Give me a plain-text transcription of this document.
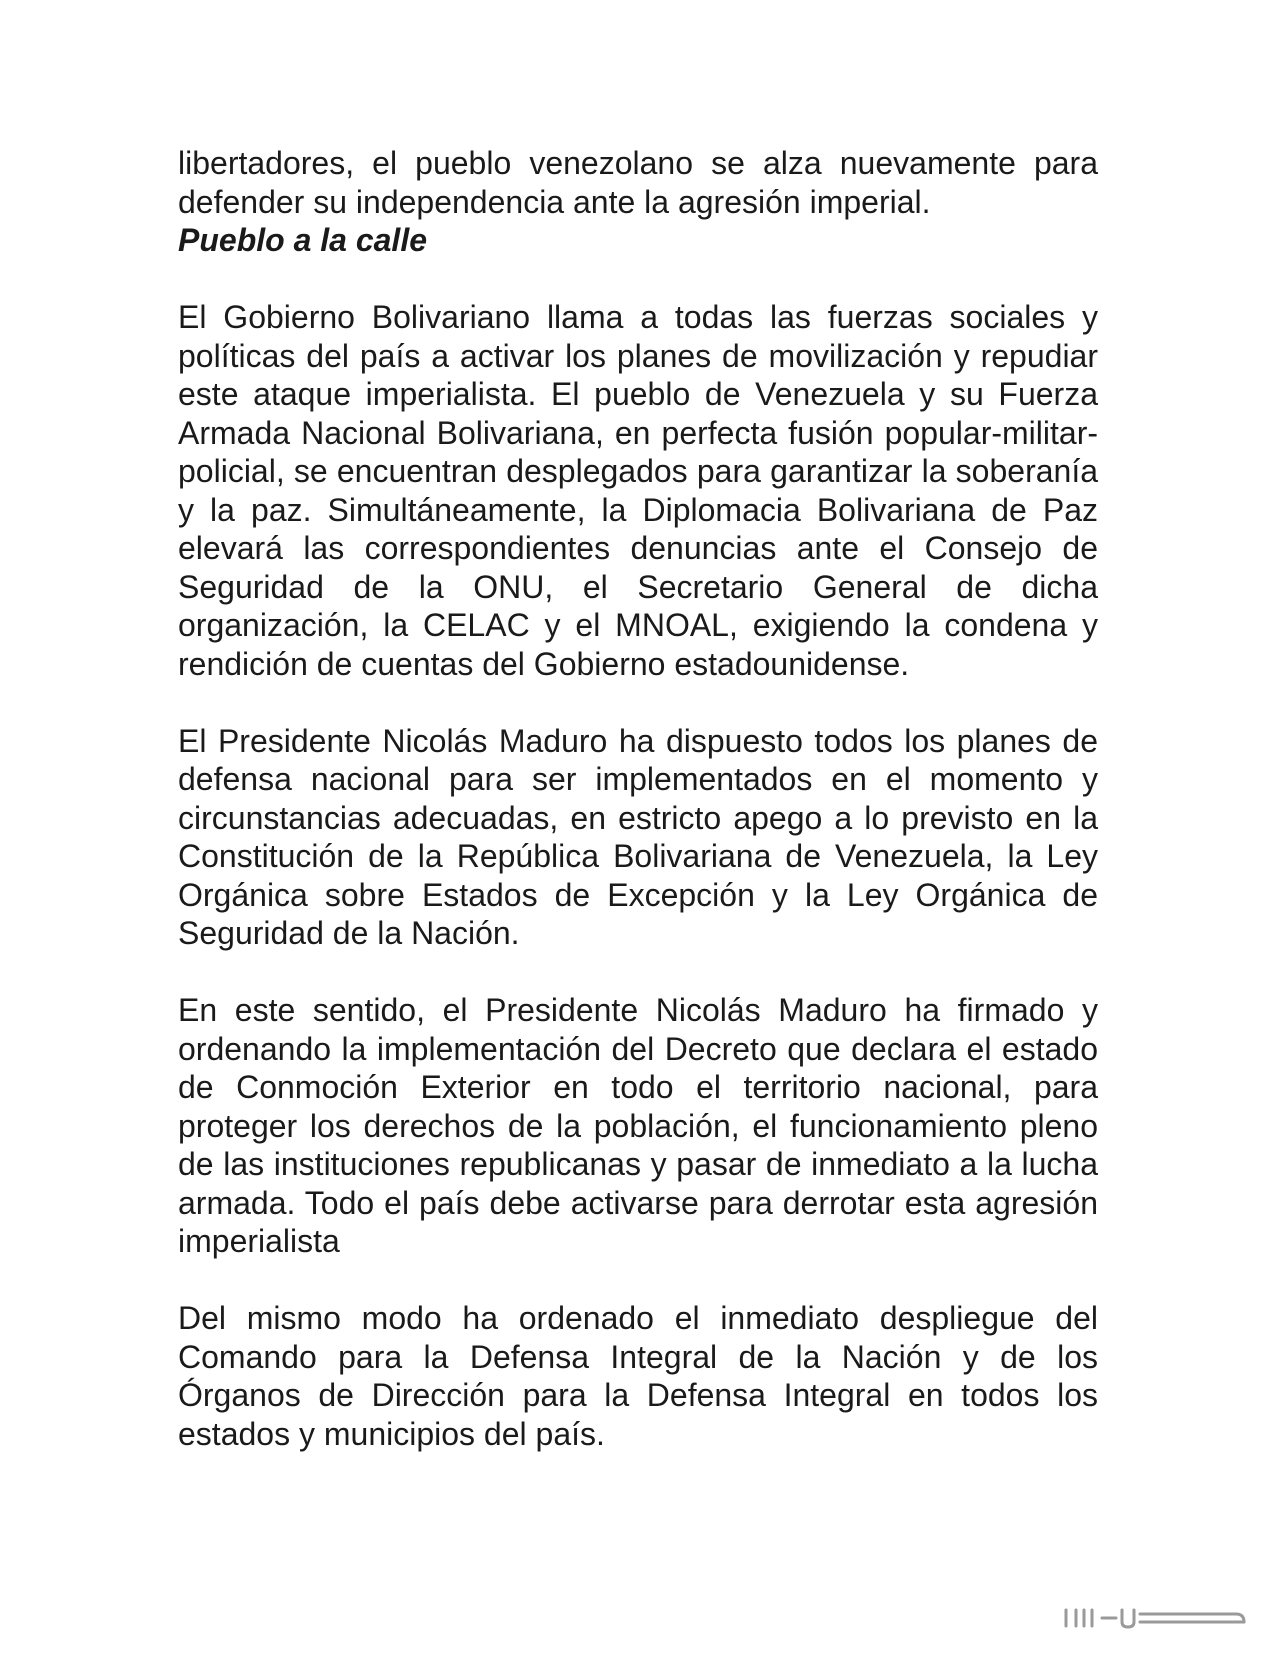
libertadores, el pueblo venezolano se alza nuevamente para defender su independencia ante la agresión imperial.

Pueblo a la calle

El Gobierno Bolivariano llama a todas las fuerzas sociales y políticas del país a activar los planes de movilización y repudiar este ataque imperialista. El pueblo de Venezuela y su Fuerza Armada Nacional Bolivariana, en perfecta fusión popular-militar-policial, se encuentran desplegados para garantizar la soberanía y la paz. Simultáneamente, la Diplomacia Bolivariana de Paz elevará las correspondientes denuncias ante el Consejo de Seguridad de la ONU, el Secretario General de dicha organización, la CELAC y el MNOAL, exigiendo la condena y rendición de cuentas del Gobierno estadounidense.

El Presidente Nicolás Maduro ha dispuesto todos los planes de defensa nacional para ser implementados en el momento y circunstancias adecuadas, en estricto apego a lo previsto en la Constitución de la República Bolivariana de Venezuela, la Ley Orgánica sobre Estados de Excepción y la Ley Orgánica de Seguridad de la Nación.

En este sentido, el Presidente Nicolás Maduro ha firmado y ordenando la implementación del Decreto que declara el estado de Conmoción Exterior en todo el territorio nacional, para proteger los derechos de la población, el funcionamiento pleno de las instituciones republicanas y pasar de inmediato a la lucha armada. Todo el país debe activarse para derrotar esta agresión imperialista

Del mismo modo ha ordenado el inmediato despliegue del Comando para la Defensa Integral de la Nación y de los Órganos de Dirección para la Defensa Integral en todos los estados y municipios del país.
